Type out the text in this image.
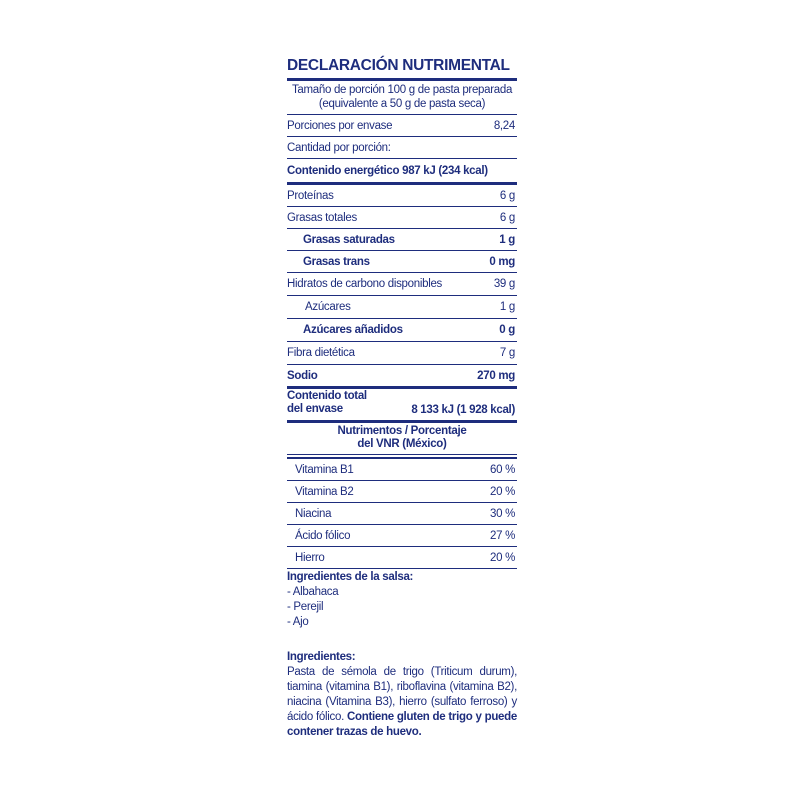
DECLARACIÓN NUTRIMENTAL
Tamaño de porción 100 g de pasta preparada
(equivalente a 50 g de pasta seca)
Porciones por envase	8,24
Cantidad por porción:
Contenido energético 987 kJ (234 kcal)
Proteínas	6 g
Grasas totales	6 g
Grasas saturadas	1 g
Grasas trans	0 mg
Hidratos de carbono disponibles	39 g
Azúcares	1 g
Azúcares añadidos	0 g
Fibra dietética	7 g
Sodio	270 mg
Contenido total
del envase	8 133 kJ (1 928 kcal)
Nutrimentos / Porcentaje
del VNR (México)
Vitamina B1	60 %
Vitamina B2	20 %
Niacina	30 %
Ácido fólico	27 %
Hierro	20 %
Ingredientes de la salsa:
- Albahaca
- Perejil
- Ajo
Ingredientes:
Pasta de sémola de trigo (Triticum durum), tiamina (vitamina B1), riboflavina (vitamina B2), niacina (Vitamina B3), hierro (sulfato ferroso) y ácido fólico. Contiene gluten de trigo y puede contener trazas de huevo.
